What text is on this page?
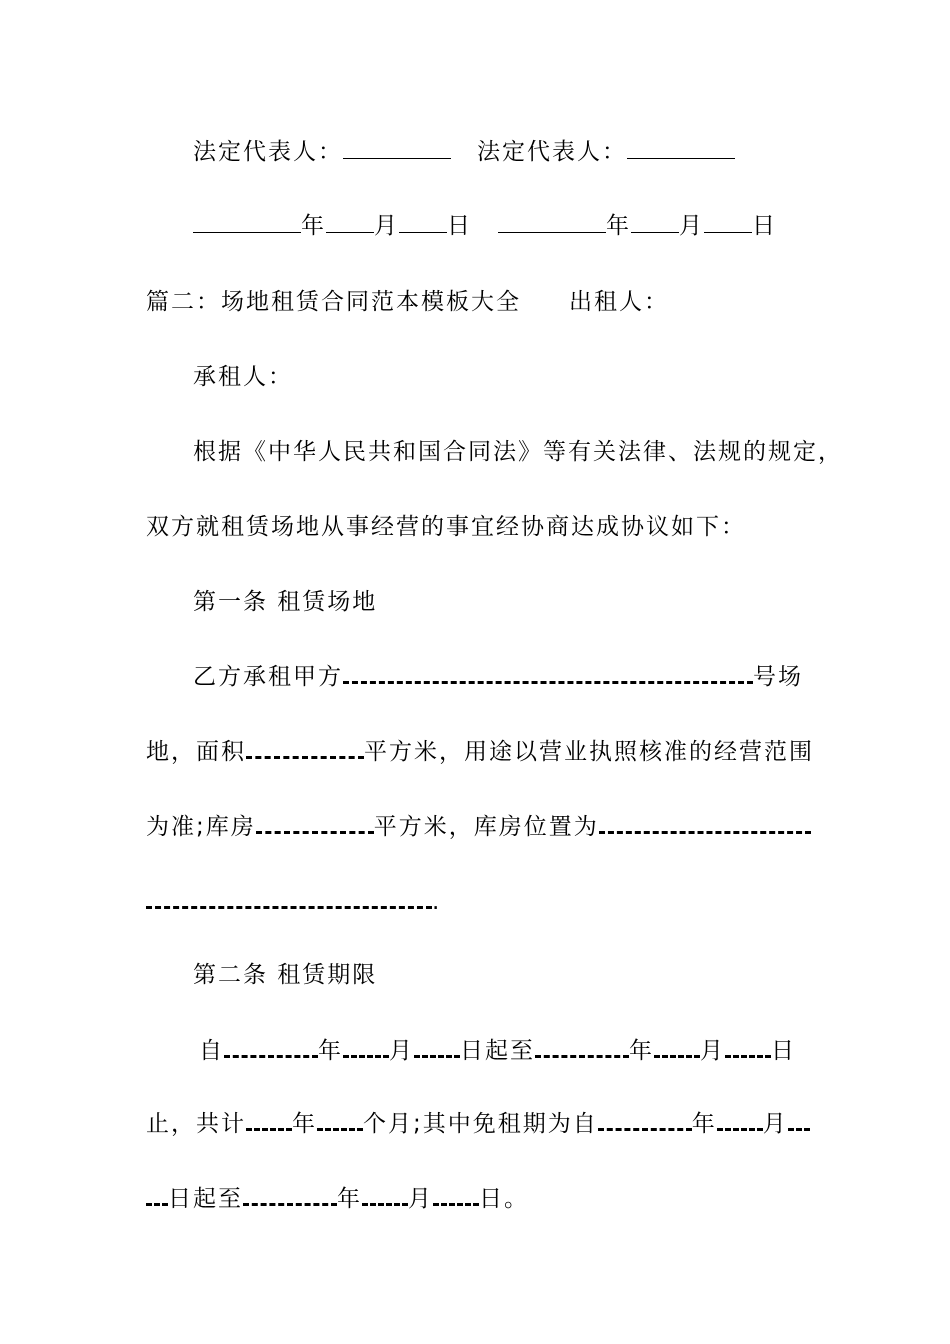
法定代表人：	法定代表人：
年 月 日	年 月 日
篇二：场地租赁合同范本模板大全 出租人：
承租人：
根据《中华人民共和国合同法》等有关法律、法规的规定，
双方就租赁场地从事经营的事宜经协商达成协议如下：
第一条 租赁场地
乙方承租甲方	号场
地，面积	平方米，用途以营业执照核准的经营范围
为准;库房	平方米，库房位置为
.
第二条 租赁期限
自	年 月 日起至	年 月 日
止，共计 年 个月;其中免租期为自	年 月
日起至	年 月 日。
